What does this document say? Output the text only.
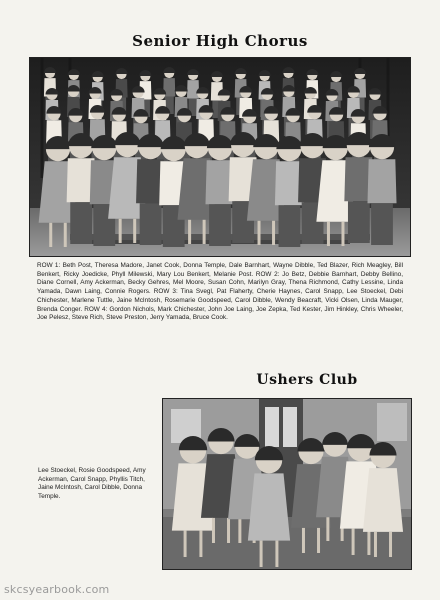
Senior High Chorus

ROW 1: Beth Post, Theresa Madore, Janet Cook, Donna Temple, Dale Barnhart, Wayne Dibble, Ted Blazer, Rich Meagley, Bill Benkert, Ricky Joedicke, Phyll Milewski, Mary Lou Benkert, Melanie Post. ROW 2: Jo Betz, Debbie Barnhart, Debby Bellino, Diane Cornell, Amy Ackerman, Becky Gehres, Mel Moore, Susan Cohn, Marilyn Gray, Thena Richmond, Cathy Lessine, Linda Yamada, Dawn Laing, Connie Rogers. ROW 3: Tina Svegl, Pat Flaherty, Cherie Haynes, Carol Snapp, Lee Stoeckel, Debi Chichester, Marlene Tuttle, Jaine McIntosh, Rosemarie Goodspeed, Carol Dibble, Wendy Beacraft, Vicki Olsen, Linda Mauger, Brenda Conger. ROW 4: Gordon Nichols, Mark Chichester, John Joe Laing, Joe Zepka, Ted Kester, Jim Hinkley, Chris Wheeler, Joe Pelesz, Steve Rich, Steve Preston, Jerry Yamada, Bruce Cook.

Ushers Club

Lee Stoeckel, Rosie Goodspeed, Amy Ackerman, Carol Snapp, Phyllis Titch, Jaine McIntosh, Carol Dibble, Donna Temple.

skcsyearbook.com
